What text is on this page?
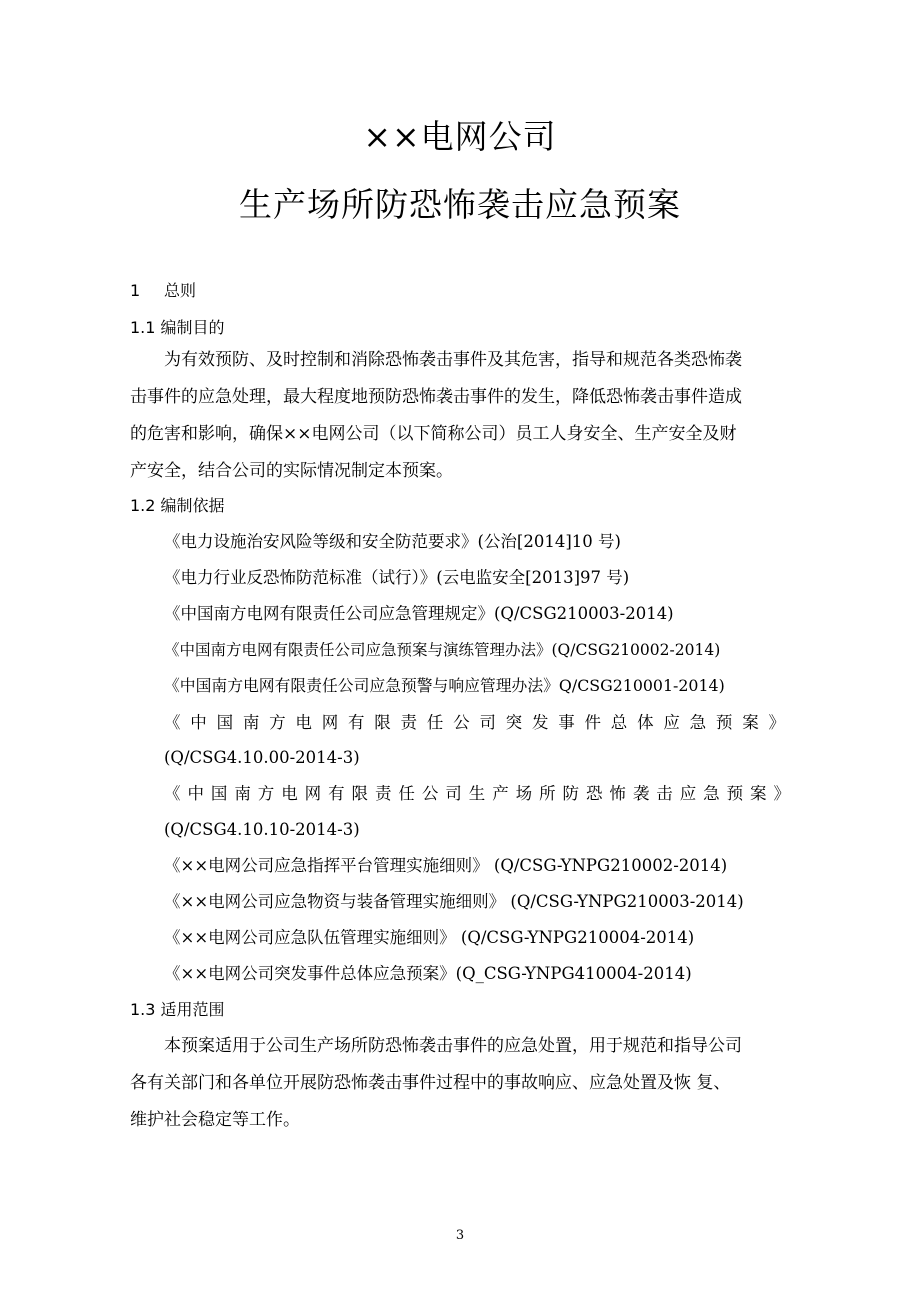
××电网公司
生产场所防恐怖袭击应急预案
1 总则
1.1 编制目的
为有效预防、及时控制和消除恐怖袭击事件及其危害，指导和规范各类恐怖袭
击事件的应急处理，最大程度地预防恐怖袭击事件的发生，降低恐怖袭击事件造成
的危害和影响，确保××电网公司（以下简称公司）员工人身安全、生产安全及财
产安全，结合公司的实际情况制定本预案。
1.2 编制依据
《电力设施治安风险等级和安全防范要求》(公治[2014]10 号)
《电力行业反恐怖防范标准（试行）》(云电监安全[2013]97 号)
《中国南方电网有限责任公司应急管理规定》(Q/CSG210003-2014)
《中国南方电网有限责任公司应急预案与演练管理办法》(Q/CSG210002-2014)
《中国南方电网有限责任公司应急预警与响应管理办法》Q/CSG210001-2014)
《中国南方电网有限责任公司突发事件总体应急预案》
(Q/CSG4.10.00-2014-3)
《中国南方电网有限责任公司生产场所防恐怖袭击应急预案》
(Q/CSG4.10.10-2014-3)
《××电网公司应急指挥平台管理实施细则》 (Q/CSG-YNPG210002-2014)
《××电网公司应急物资与装备管理实施细则》 (Q/CSG-YNPG210003-2014)
《××电网公司应急队伍管理实施细则》 (Q/CSG-YNPG210004-2014)
《××电网公司突发事件总体应急预案》(Q_CSG-YNPG410004-2014)
1.3 适用范围
本预案适用于公司生产场所防恐怖袭击事件的应急处置，用于规范和指导公司
各有关部门和各单位开展防恐怖袭击事件过程中的事故响应、应急处置及恢 复、
维护社会稳定等工作。
3
